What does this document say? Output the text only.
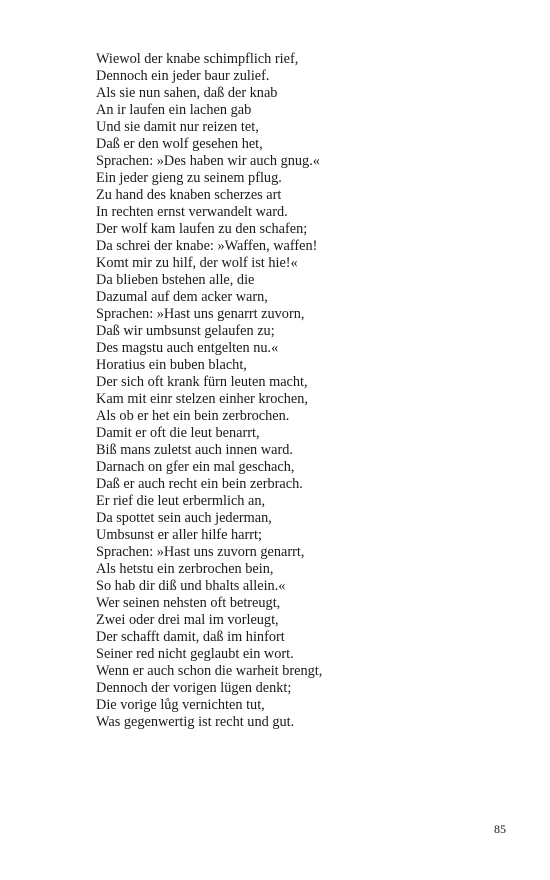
Wiewol der knabe schimpflich rief,
Dennoch ein jeder baur zulief.
Als sie nun sahen, daß der knab
An ir laufen ein lachen gab
Und sie damit nur reizen tet,
Daß er den wolf gesehen het,
Sprachen: »Des haben wir auch gnug.«
Ein jeder gieng zu seinem pflug.
Zu hand des knaben scherzes art
In rechten ernst verwandelt ward.
Der wolf kam laufen zu den schafen;
Da schrei der knabe: »Waffen, waffen!
Komt mir zu hilf, der wolf ist hie!«
Da blieben bstehen alle, die
Dazumal auf dem acker warn,
Sprachen: »Hast uns genarrt zuvorn,
Daß wir umbsunst gelaufen zu;
Des magstu auch entgelten nu.«
Horatius ein buben blacht,
Der sich oft krank fürn leuten macht,
Kam mit einr stelzen einher krochen,
Als ob er het ein bein zerbrochen.
Damit er oft die leut benarrt,
Biß mans zuletst auch innen ward.
Darnach on gfer ein mal geschach,
Daß er auch recht ein bein zerbrach.
Er rief die leut erbermlich an,
Da spottet sein auch jederman,
Umbsunst er aller hilfe harrt;
Sprachen: »Hast uns zuvorn genarrt,
Als hetstu ein zerbrochen bein,
So hab dir diß und bhalts allein.«
Wer seinen nehsten oft betreugt,
Zwei oder drei mal im vorleugt,
Der schafft damit, daß im hinfort
Seiner red nicht geglaubt ein wort.
Wenn er auch schon die warheit brengt,
Dennoch der vorigen lügen denkt;
Die vorige lůg vernichten tut,
Was gegenwertig ist recht und gut.
85
